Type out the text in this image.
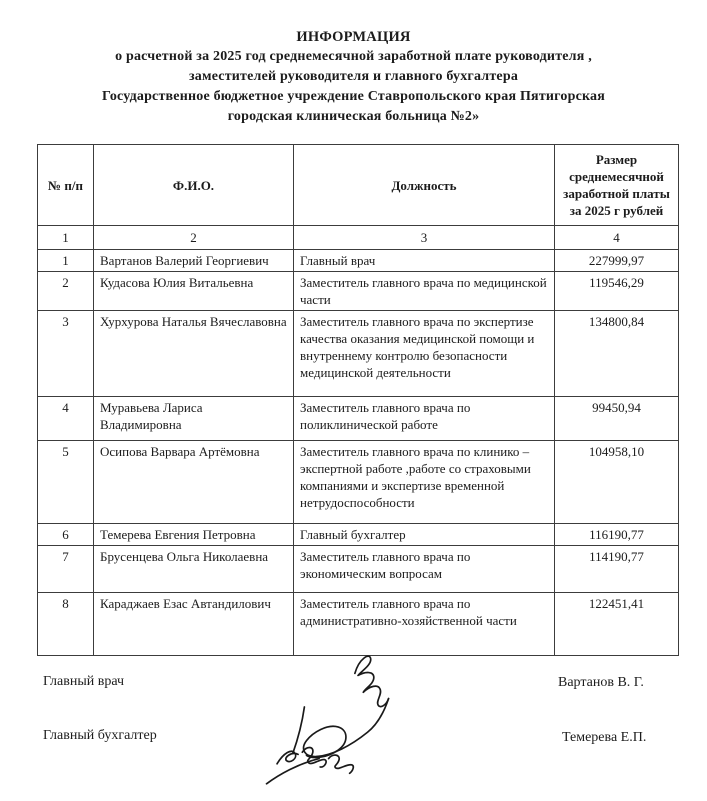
ИНФОРМАЦИЯ
о расчетной за 2025 год среднемесячной заработной плате руководителя ,
заместителей руководителя и главного бухгалтера
Государственное бюджетное учреждение Ставропольского края Пятигорская
городская клиническая больница №2»
№ п/п	Ф.И.О.	Должность	Размер среднемесячной заработной платы за 2025 г рублей
1	2	3	4
1	Вартанов Валерий Георгиевич	Главный врач	227999,97
2	Кудасова Юлия Витальевна	Заместитель главного врача по медицинской части	119546,29
3	Хурхурова Наталья Вячеславовна	Заместитель главного врача по экспертизе качества оказания медицинской помощи и внутреннему контролю безопасности медицинской деятельности	134800,84
4	Муравьева Лариса Владимировна	Заместитель главного врача по поликлинической работе	99450,94
5	Осипова Варвара Артёмовна	Заместитель главного врача по клинико –экспертной работе ,работе со страховыми компаниями и экспертизе временной нетрудоспособности	104958,10
6	Темерева Евгения Петровна	Главный бухгалтер	116190,77
7	Брусенцева Ольга Николаевна	Заместитель главного врача по экономическим вопросам	114190,77
8	Караджаев Езас Автандилович	Заместитель главного врача по административно-хозяйственной части	122451,41
Главный врач	Вартанов В. Г.
Главный бухгалтер	Темерева Е.П.
